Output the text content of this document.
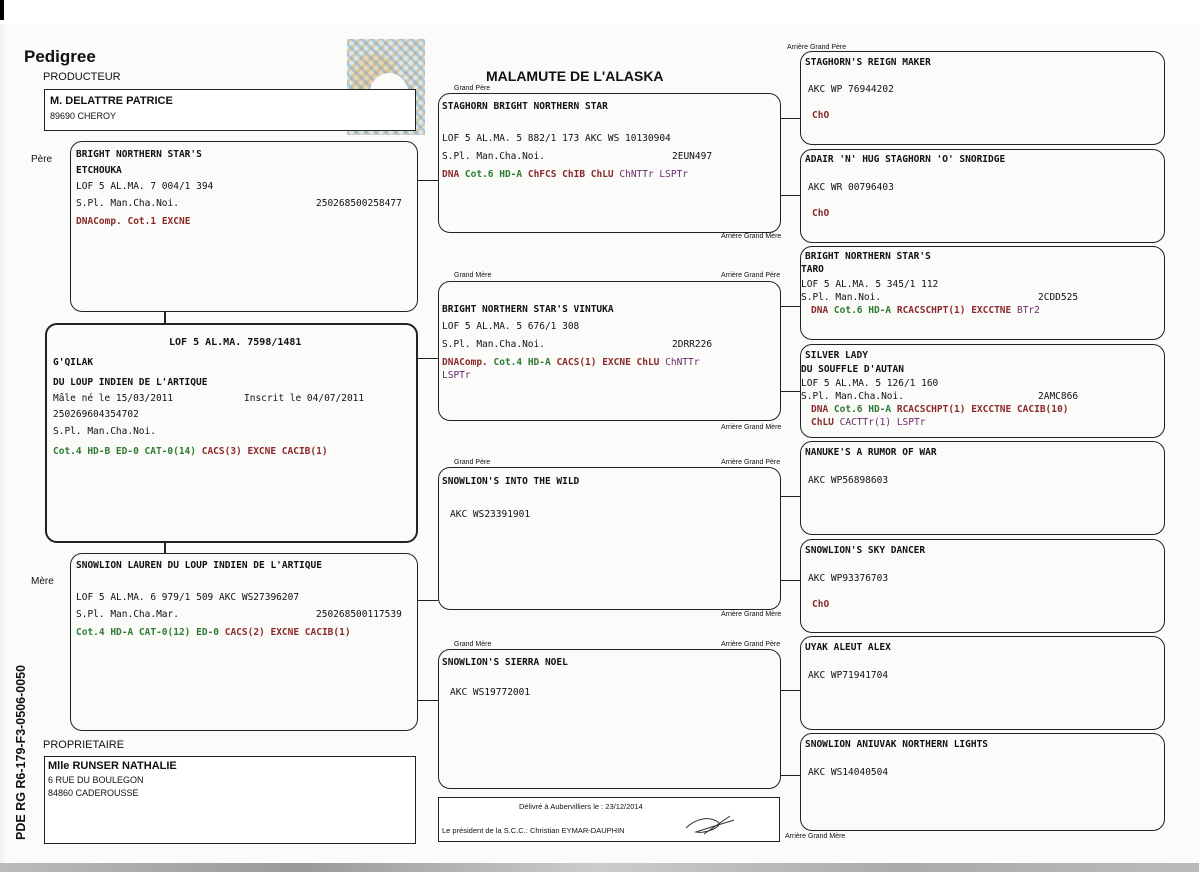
Pedigree
PRODUCTEUR	MALAMUTE DE L'ALASKA
M. DELATTRE PATRICE
89690 CHEROY
Père	BRIGHT NORTHERN STAR'S
ETCHOUKA
LOF 5 AL.MA. 7 004/1 394
S.Pl. Man.Cha.Noi.	250268500258477
DNAComp. Cot.1 EXCNE
LOF 5 AL.MA. 7598/1481
G'QILAK
DU LOUP INDIEN DE L'ARTIQUE
Mâle né le 15/03/2011	Inscrit le 04/07/2011
250269604354702
S.Pl. Man.Cha.Noi.
Cot.4 HD-B ED-0 CAT-0(14) CACS(3) EXCNE CACIB(1)
Mère
SNOWLION LAUREN DU LOUP INDIEN DE L'ARTIQUE
LOF 5 AL.MA. 6 979/1 509 AKC WS27396207
S.Pl. Man.Cha.Mar.	250268500117539
Cot.4 HD-A CAT-0(12) ED-0 CACS(2) EXCNE CACIB(1)
PROPRIETAIRE
Mlle RUNSER NATHALIE
6 RUE DU BOULEGON
84860 CADEROUSSE
PDE RG R6-179-F3-0506-0050
Grand Père
STAGHORN BRIGHT NORTHERN STAR
LOF 5 AL.MA. 5 882/1 173 AKC WS 10130904
S.Pl. Man.Cha.Noi.	2EUN497
DNA Cot.6 HD-A ChFCS ChIB ChLU ChNTTr LSPTr
Arrière Grand Mère
Grand Mère	Arrière Grand Père
BRIGHT NORTHERN STAR'S VINTUKA
LOF 5 AL.MA. 5 676/1 308
S.Pl. Man.Cha.Noi.	2DRR226
DNAComp. Cot.4 HD-A CACS(1) EXCNE ChLU ChNTTr
LSPTr
Arrière Grand Mère
Grand Père	Arrière Grand Père
SNOWLION'S INTO THE WILD
AKC WS23391901
Arrière Grand Mère
Grand Mère	Arrière Grand Père
SNOWLION'S SIERRA NOEL
AKC WS19772001
Délivré à Aubervilliers le : 23/12/2014
Le président de la S.C.C.: Christian EYMAR-DAUPHIN
Arrière Grand Père
STAGHORN'S REIGN MAKER
AKC WP 76944202
ChO
ADAIR 'N' HUG STAGHORN 'O' SNORIDGE
AKC WR 00796403
ChO
BRIGHT NORTHERN STAR'S
TARO
LOF 5 AL.MA. 5 345/1 112
S.Pl. Man.Noi.	2CDD525
DNA Cot.6 HD-A RCACSCHPT(1) EXCCTNE BTr2
SILVER LADY
DU SOUFFLE D'AUTAN
LOF 5 AL.MA. 5 126/1 160
S.Pl. Man.Cha.Noi.	2AMC866
DNA Cot.6 HD-A RCACSCHPT(1) EXCCTNE CACIB(10)
ChLU CACTTr(1) LSPTr
NANUKE'S A RUMOR OF WAR
AKC WP56898603
SNOWLION'S SKY DANCER
AKC WP93376703
ChO
UYAK ALEUT ALEX
AKC WP71941704
SNOWLION ANIUVAK NORTHERN LIGHTS
AKC WS14040504
Arrière Grand Mère
